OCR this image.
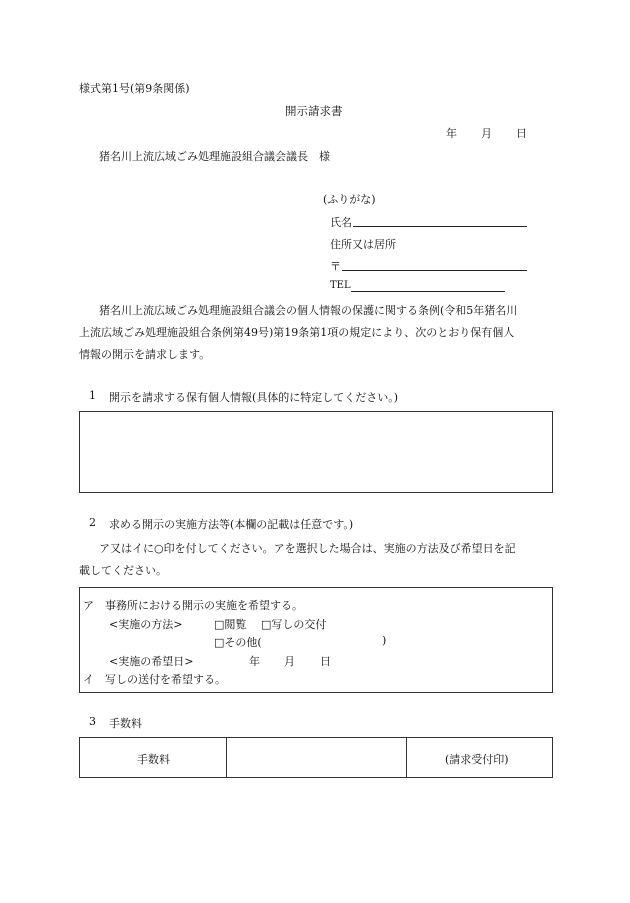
様式第1号(第9条関係)
開示請求書
年 月 日
猪名川上流広域ごみ処理施設組合議会議長　様
(ふりがな)
氏名
住所又は居所
〒
TEL
猪名川上流広域ごみ処理施設組合議会の個人情報の保護に関する条例(令和5年猪名川
上流広域ごみ処理施設組合条例第49号)第19条第1項の規定により、次のとおり保有個人
情報の開示を請求します。
1 開示を請求する保有個人情報(具体的に特定してください。)
2 求める開示の実施方法等(本欄の記載は任意です。)
ア又はイに○印を付してください。アを選択した場合は、実施の方法及び希望日を記
載してください。
ア　事務所における開示の実施を希望する。
<実施の方法>	□閲覧 □写しの交付
□その他(	)
<実施の希望日>	年 月 日
イ　写しの送付を希望する。
3 手数料
手数料	(請求受付印)
